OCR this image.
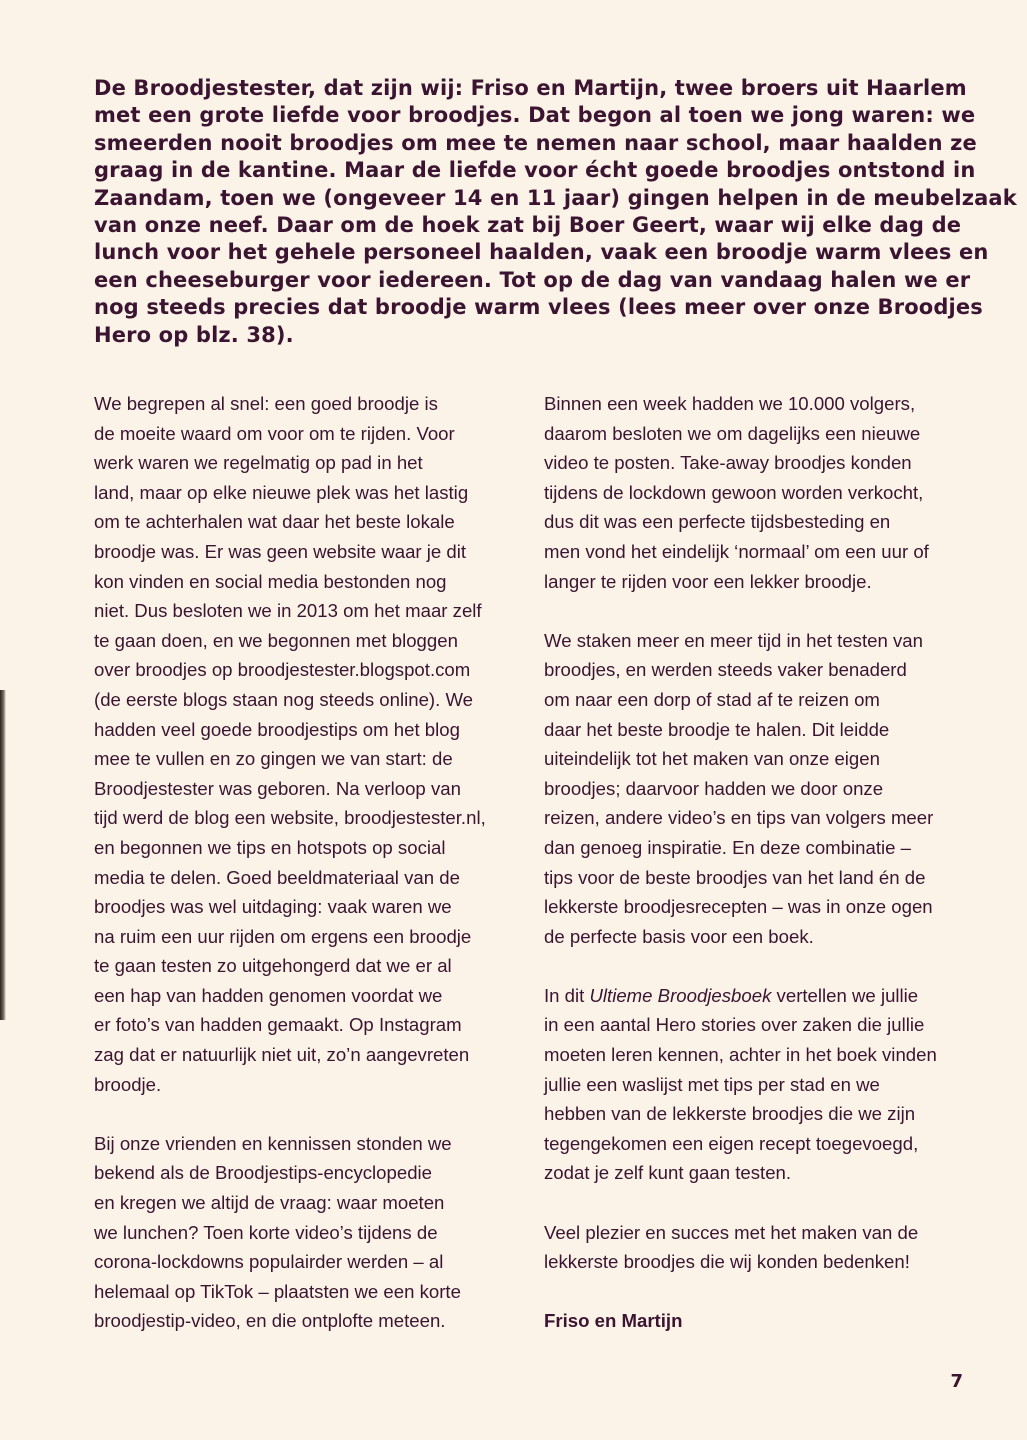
De Broodjestester, dat zijn wij: Friso en Martijn, twee broers uit Haarlem
met een grote liefde voor broodjes. Dat begon al toen we jong waren: we
smeerden nooit broodjes om mee te nemen naar school, maar haalden ze
graag in de kantine. Maar de liefde voor écht goede broodjes ontstond in
Zaandam, toen we (ongeveer 14 en 11 jaar) gingen helpen in de meubelzaak
van onze neef. Daar om de hoek zat bij Boer Geert, waar wij elke dag de
lunch voor het gehele personeel haalden, vaak een broodje warm vlees en
een cheeseburger voor iedereen. Tot op de dag van vandaag halen we er
nog steeds precies dat broodje warm vlees (lees meer over onze Broodjes
Hero op blz. 38).
We begrepen al snel: een goed broodje is
de moeite waard om voor om te rijden. Voor
werk waren we regelmatig op pad in het
land, maar op elke nieuwe plek was het lastig
om te achterhalen wat daar het beste lokale
broodje was. Er was geen website waar je dit
kon vinden en social media bestonden nog
niet. Dus besloten we in 2013 om het maar zelf
te gaan doen, en we begonnen met bloggen
over broodjes op broodjestester.blogspot.com
(de eerste blogs staan nog steeds online). We
hadden veel goede broodjestips om het blog
mee te vullen en zo gingen we van start: de
Broodjestester was geboren. Na verloop van
tijd werd de blog een website, broodjestester.nl,
en begonnen we tips en hotspots op social
media te delen. Goed beeldmateriaal van de
broodjes was wel uitdaging: vaak waren we
na ruim een uur rijden om ergens een broodje
te gaan testen zo uitgehongerd dat we er al
een hap van hadden genomen voordat we
er foto’s van hadden gemaakt. Op Instagram
zag dat er natuurlijk niet uit, zo’n aangevreten
broodje.
Bij onze vrienden en kennissen stonden we
bekend als de Broodjestips-encyclopedie
en kregen we altijd de vraag: waar moeten
we lunchen? Toen korte video’s tijdens de
corona-lockdowns populairder werden – al
helemaal op TikTok – plaatsten we een korte
broodjestip-video, en die ontplofte meteen.
Binnen een week hadden we 10.000 volgers,
daarom besloten we om dagelijks een nieuwe
video te posten. Take-away broodjes konden
tijdens de lockdown gewoon worden verkocht,
dus dit was een perfecte tijdsbesteding en
men vond het eindelijk ‘normaal’ om een uur of
langer te rijden voor een lekker broodje.
We staken meer en meer tijd in het testen van
broodjes, en werden steeds vaker benaderd
om naar een dorp of stad af te reizen om
daar het beste broodje te halen. Dit leidde
uiteindelijk tot het maken van onze eigen
broodjes; daarvoor hadden we door onze
reizen, andere video’s en tips van volgers meer
dan genoeg inspiratie. En deze combinatie –
tips voor de beste broodjes van het land én de
lekkerste broodjesrecepten – was in onze ogen
de perfecte basis voor een boek.
In dit Ultieme Broodjesboek vertellen we jullie
in een aantal Hero stories over zaken die jullie
moeten leren kennen, achter in het boek vinden
jullie een waslijst met tips per stad en we
hebben van de lekkerste broodjes die we zijn
tegengekomen een eigen recept toegevoegd,
zodat je zelf kunt gaan testen.
Veel plezier en succes met het maken van de
lekkerste broodjes die wij konden bedenken!
Friso en Martijn
7
